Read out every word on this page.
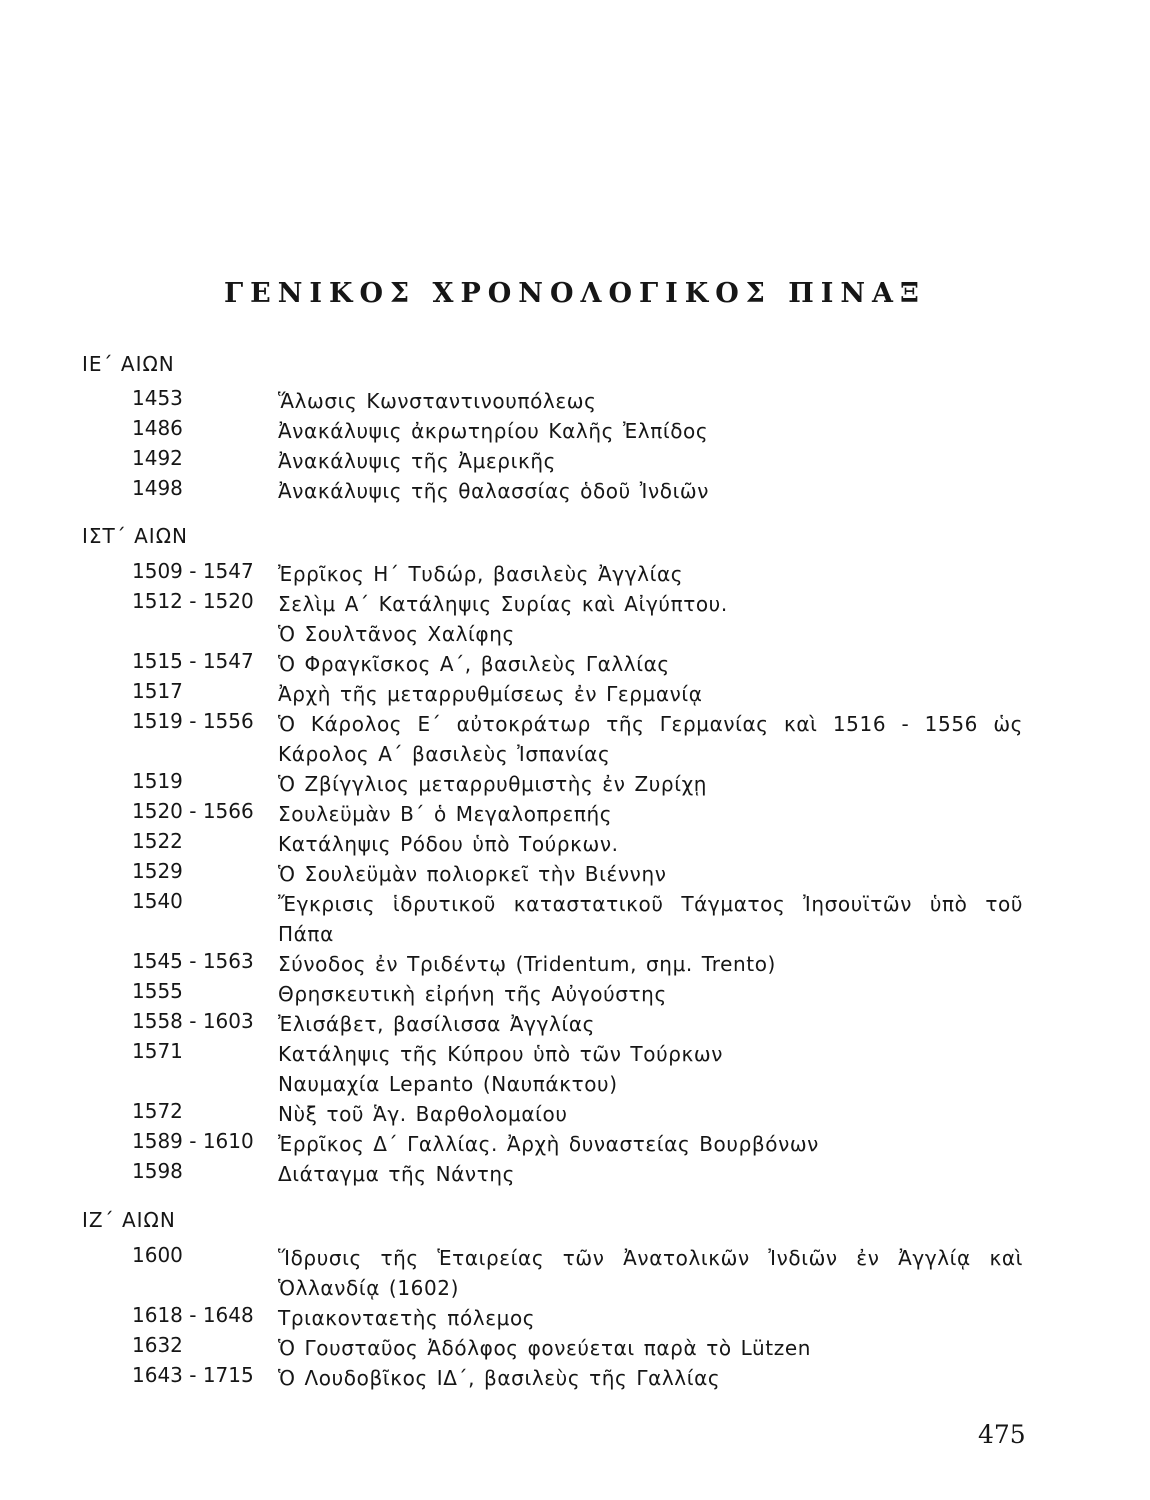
ΓΕΝΙΚΟΣ ΧΡΟΝΟΛΟΓΙΚΟΣ ΠΙΝΑΞ
ΙΕ΄ ΑΙΩΝ
1453	Ἅλωσις Κωνσταντινουπόλεως
1486	Ἀνακάλυψις ἀκρωτηρίου Καλῆς Ἐλπίδος
1492	Ἀνακάλυψις τῆς Ἀμερικῆς
1498	Ἀνακάλυψις τῆς θαλασσίας ὁδοῦ Ἰνδιῶν
ΙΣΤ΄ ΑΙΩΝ
1509 - 1547	Ἐρρῖκος Η΄ Τυδώρ, βασιλεὺς Ἀγγλίας
1512 - 1520	Σελὶμ Α΄ Κατάληψις Συρίας καὶ Αἰγύπτου.
Ὁ Σουλτᾶνος Χαλίφης
1515 - 1547	Ὁ Φραγκῖσκος Α΄, βασιλεὺς Γαλλίας
1517	Ἀρχὴ τῆς μεταρρυθμίσεως ἐν Γερμανίᾳ
1519 - 1556	Ὁ Κάρολος Ε΄ αὐτοκράτωρ τῆς Γερμανίας καὶ 1516 - 1556 ὡς Κάρολος Α΄ βασιλεὺς Ἰσπανίας
1519	Ὁ Ζβίγγλιος μεταρρυθμιστὴς ἐν Ζυρίχῃ
1520 - 1566	Σουλεϋμὰν Β΄ ὁ Μεγαλοπρεπής
1522	Κατάληψις Ρόδου ὑπὸ Τούρκων.
1529	Ὁ Σουλεϋμὰν πολιορκεῖ τὴν Βιέννην
1540	Ἔγκρισις ἱδρυτικοῦ καταστατικοῦ Τάγματος Ἰησουϊτῶν ὑπὸ τοῦ Πάπα
1545 - 1563	Σύνοδος ἐν Τριδέντῳ (Tridentum, σημ. Trento)
1555	Θρησκευτικὴ εἰρήνη τῆς Αὐγούστης
1558 - 1603	Ἐλισάβετ, βασίλισσα Ἀγγλίας
1571	Κατάληψις τῆς Κύπρου ὑπὸ τῶν Τούρκων
Ναυμαχία Lepanto (Ναυπάκτου)
1572	Νὺξ τοῦ Ἁγ. Βαρθολομαίου
1589 - 1610	Ἐρρῖκος Δ΄ Γαλλίας. Ἀρχὴ δυναστείας Βουρβόνων
1598	Διάταγμα τῆς Νάντης
ΙΖ΄ ΑΙΩΝ
1600	Ἵδρυσις τῆς Ἑταιρείας τῶν Ἀνατολικῶν Ἰνδιῶν ἐν Ἀγγλίᾳ καὶ Ὁλλανδίᾳ (1602)
1618 - 1648	Τριακονταετὴς πόλεμος
1632	Ὁ Γουσταῦος Ἀδόλφος φονεύεται παρὰ τὸ Lützen
1643 - 1715	Ὁ Λουδοβῖκος ΙΔ΄, βασιλεὺς τῆς Γαλλίας
475
